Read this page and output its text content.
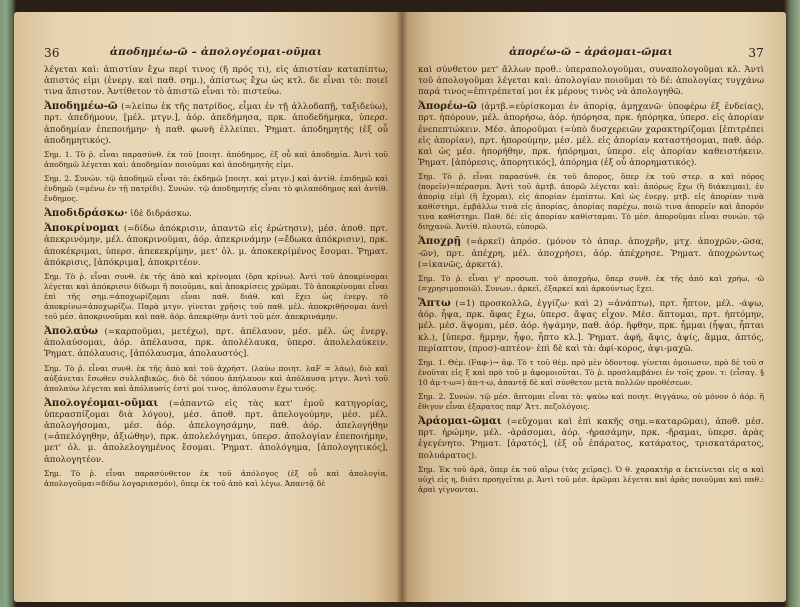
36	ἀποδημέω-ῶ – ἀπολογέομαι-οῦμαι

λέγεται καὶ: ἀπιστίαν ἔχω περί τινος (ἤ πρός τι), εἰς ἀπιστίαν καταπίπτω, ἀπιστός εἰμι (ἐνεργ. καὶ παθ. σημ.), ἀπίστως ἔχω ὡς κτλ. δε εἶναι τὸ: ποιεῖ τινα ἄπιστον. Ἀντίθετον τὸ ἀπιστῶ εἶναι τὸ: πιστεύω.

Ἀποδημέω-ῶ (=λείπω ἐκ τῆς πατρίδος, εἶμαι ἐν τῇ ἀλλοδαπῇ, ταξιδεύω), πρτ. ἀπεδήμουν, [μέλ. μτγν.], ἀόρ. ἀπεδήμησα, πρκ. ἀποδεδήμηκα, ὑπερσ. ἀποδημίαν ἐπεποιήμην· ἡ παθ. φωνὴ ἐλλείπει. Ῥηματ. ἀποδημητής (ἐξ οὗ ἀποδημητικός).

Σημ. 1. Τὸ ῥ. εἶναι παρασύνθ. ἐκ τοῦ [ποιητ. ἀπόδημος, ἐξ οὗ καὶ ἀποδημία. Ἀντὶ τοῦ ἀποδημῶ λέγεται καὶ: ἀποδημίαν ποιοῦμαι καὶ ἀποδημητῆς εἰμι.

Σημ. 2. Συνών. τῷ ἀποδημῶ εἶναι τὸ: ἐκδημῶ [ποιητ. καὶ μτγν.] καὶ ἀντίθ. ἐπιδημῶ καὶ ἐνδημῶ (=μένω ἐν τῇ πατρίδι). Συνών. τῷ ἀποδημητής εἶναι τὸ φιλαπόδημος καὶ ἀντίθ. ἔνδημος.

Ἀποδιδράσκω· ἰδὲ διδράσκω.

Ἀποκρίνομαι (=δίδω ἀπόκρισιν, ἀπαντῶ εἰς ἐρώτησιν), μέσ. ἀποθ. πρτ. ἀπεκρινόμην, μέλ. ἀποκρινοῦμαι, ἀόρ. ἀπεκρινάμην (=ἔδωκα ἀπόκρισιν), πρκ. ἀποκέκριμαι, ὑπερσ. ἀπεκεκρίμην, μετ' ὀλ. μ. ἀποκεκρίμένος ἔσομαι. Ῥηματ. ἀπόκρισις, [ἀπόκριμα], ἀποκριτέον.

Σημ. Τὸ ῥ. εἶναι συνθ. ἐκ τῆς ἀπὸ καὶ κρίνομαι (ὅρα κρίνω). Ἀντὶ τοῦ ἀποκρίνομαι λέγεται καὶ ἀπόκρισιν δίδωμι ἢ ποιοῦμαι, καὶ ἀποκρίσεις χρῶμαι. Τὸ ἀποκρίνομαι εἶναι ἐπὶ τῆς σημ.=ἀποχωρίζομαι εἶναι παθ. διάθ. καὶ ἔχει ὡς ἐνεργ. τὸ ἀποκρίνω=ἀποχωρίζω. Παρὰ μτγν. γίνεται χρῆσις τοῦ παθ. μέλ. ἀποκριθήσομαι ἀντὶ τοῦ μέσ. ἀποκρινοῦμαι καὶ παθ. ἀόρ. ἀπεκρίθην ἀντὶ τοῦ μέσ. ἀπεκρινάμην.

Ἀπολαύω (=καρποῦμαι, μετέχω), πρτ. ἀπέλαυον, μέσ. μέλ. ὡς ἐνεργ. ἀπολαύσομαι, ἀόρ. ἀπέλαυσα, πρκ. ἀπολέλαυκα, ὑπερσ. ἀπολελαύκειν. Ῥηματ. ἀπόλαυσις, [ἀπόλαυσμα, ἀπολαυστός].

Σημ. Τὸ ῥ. εἶναι συνθ. ἐκ τῆς ἀπὸ καὶ τοῦ ἀχρήστ. (λαύω ποιητ. λαF = λάω), διὸ καὶ αὐξάνεται ἔσωθεν συλλαβικῶς, διὸ δὲ τόπου ἀπήλαυον καὶ ἀπόλαυσα μτγν. Ἀντὶ τοῦ ἀπολαύω λέγεται καὶ ἀπόλαυσίς ἐστί μοί τινος, ἀπόλαυσιν ἔχω τινός.

Ἀπολογέομαι-οῦμαι (=ἀπαντῶ εἰς τὰς κατ' ἐμοῦ κατηγορίας, ὑπερασπίζομαι διὰ λόγου), μέσ. ἀποθ. πρτ. ἀπελογούμην, μέσ. μέλ. ἀπολογήσομαι, μέσ. ἀόρ. ἀπελογησάμην, παθ. ἀόρ. ἀπελογήθην (=ἀπελόγηθην, ἀξιώθην), πρκ. ἀπολελόγημαι, ὑπερσ. ἀπολογίαν ἐπεποιήμην, μετ' ὀλ. μ. ἀπολελογημένος ἔσομαι. Ῥηματ. ἀπολόγημα, [ἀπολογητικός], ἀπολογητέον.

Σημ. Τὸ ῥ. εἶναι παρασύνθετον ἐκ τοῦ ἀπόλογος (ἐξ οὗ καὶ ἀπολογία, ἀπολογοῦμαι=δίδω λογαριασμόν), ὅπερ ἐκ τοῦ ἀπὸ καὶ λέγω. Ἀπαντᾷ δὲ

37
ἀπορέω-ῶ – ἀράομαι-ῶμαι

καὶ σύνθετον μετ' ἄλλων προθ.: ὑπεραπολογοῦμαι, συναπολογοῦμαι κλ. Ἀντὶ τοῦ ἀπολογοῦμαι λέγεται καὶ: ἀπολογίαν ποιοῦμαι τὸ δέ: ἀπολογίας τυγχάνω παρά τινος=ἐπιτρέπεταί μοι ἐκ μέρους τινὸς νὰ ἀπολογηθῶ.

Ἀπορέω-ῶ (ἀμτβ.=εὑρίσκομαι ἐν ἀπορίᾳ, ἀμηχανῶ· ὑποφέρω ἐξ ἐνδείας), πρτ. ἠπόρουν, μέλ. ἀπορήσω, ἀόρ. ἠπόρησα, πρκ. ἠπόρηκα, ὑπερσ. εἰς ἀπορίαν ἐνεπεπτώκειν. Μέσ. ἀποροῦμαι (=ὑπὸ δυσχερειῶν χαρακτηρίζομαι [ἐπιτρέπει εἰς ἀπορίαν), πρτ. ἠπορούμην, μέσ. μέλ. εἰς ἀπορίαν καταστήσομαι, παθ. ἀόρ. καὶ ὡς μέσ. ἠπορήθην, πρκ. ἠπόρημαι, ὑπερσ. εἰς ἀπορίαν καθειστήκειν. Ῥηματ. [ἀπόρεσις, ἀπορητικός], ἀπόρημα (ἐξ οὗ ἀπορηματικός).

Σημ. Τὸ ῥ. εἶναι παρασύνθ. ἐκ τοῦ ἄπορος, ὅπερ ἐκ τοῦ στερ. α καὶ πόρος (πορεῖν)=πέρασμα. Ἀντὶ τοῦ ἀμτβ. ἀπορῶ λέγεται καὶ: ἀπόρως ἔχω (ἢ διάκειμαι), ἐν ἀπορίᾳ εἰμὶ (ἢ ἔχομαι), εἰς ἀπορίαν ἐμπίπτω. Καὶ ὡς ἐνεργ. μτβ. εἰς ἀπορίαν τινὰ καθίστημι, ἐμβάλλω τινὰ εἰς ἀπορίας, ἀπορίας παρέχω, ποιῶ τινα ἀπορεῖν καὶ ἄπορόν τινα καθίστημι. Παθ. δέ: εἰς ἀπορίαν καθίσταμαι. Τὸ μέσ. ἀποροῦμαι εἶναι συνών. τῷ διηχανῶ. Ἀντίθ. πλουτῶ, εὐπορῶ.

Ἀποχρῇ (=ἀρκεῖ) ἀπρόσ. (μόνον τὸ ἀπαρ. ἀποχρῆν, μτχ. ἀποχρῶν,-ῶσα, -ῶν), πρτ. ἀπέχρη, μέλ. ἀποχρήσει, ἀόρ. ἀπέχρησε. Ῥηματ. ἀποχρώντως (=ἱκανῶς, ἀρκετά).

Σημ. Τὸ ῥ. εἶναι γ' προσωπ. τοῦ ἀποχρῆω, ὅπερ συνθ. ἐκ τῆς ἀπὸ καὶ χρήω, -ῶ (=χρησιμοποιῶ). Συνων.: ἀρκεῖ, ἐξαρκεῖ καὶ ἀρκούντως ἔχει.

Ἅπτω (=1) προσκολλῶ, ἐγγίζω· καὶ 2) =ἀνάπτω), πρτ. ἧπτον, μέλ. -άψω, ἀόρ. ἧψα, πρκ. ἄφας ἔχω, ὑπερσ. ἄψας εἶχον. Μέσ. ἅπτομαι, πρτ. ἡπτόμην, μέλ. μέσ. ἅψομαι, μέσ. ἀόρ. ἡψάμην, παθ. ἀόρ. ἥφθην, πρκ. ἧμμαι (ἧψαι, ἧπται κλ.), [ὑπερσ. ἥμμην, ἧψο, ἧπτο κλ.]. Ῥηματ. ἁφή, ἅψις, ἁψίς, ἅμμα, ἁπτός, περίαπτον, (προσ)-απτέον· ἐπὶ δὲ καὶ τὰ: ἀφί-κορος, ἀψι-μαχῶ.

Σημ. 1. Θέμ. (Fαφ-)→ ἀφ. Τὸ τ τοῦ θέμ. πρὸ μὲν ὀδοντοφ. γίνεται ὁμοιωσιν, πρὸ δὲ τοῦ σ ἑνοῦται εἰς ξ καὶ πρὸ τοῦ μ ἀφομοιοῦται. Τὸ ῥ. προσλαμβάνει ἐν τοῖς χρον. τ: (εἶσαγ. § 10 ἀμ-τ-ω=) ἀπ-τ-ω, ἀπαντᾷ δὲ καὶ σύνθετον μετὰ πολλῶν προθέσεων.

Σημ. 2. Συνών. τῷ μέσ. ἅπτομαι εἶναι τὸ: ψαύω καὶ ποιητ. θιγγάνω, οὐ μόνον ὁ ἀόρ. ἥ ἔθιγον εἶναι ἐξαρατος παρ' Ἀττ. πεζολόγοις.

Ἀράομαι-ῶμαι (=εὔχομαι καὶ ἐπὶ κακῆς σημ.=καταρῶμαι), ἀποθ. μέσ. πρτ. ἠρώμην, μέλ. -ἀράσομαι, ἀόρ. -ἠρασάμην, πρκ. -ἤραμαι, ὑπερσ. ἀρὰς ἐγεγένητο. Ῥηματ. [ἀρατός], (ἐξ οὗ ἐπάρατος, κατάρατος, τρισκατάρατος, πολυάρατος).

Σημ. Ἐκ τοῦ ἀρά, ὅπερ ἐκ τοῦ αἴρω (τὰς χεῖρας). Ὁ θ. χαρακτὴρ α ἐκτείνεται εἰς α καὶ οὐχὶ εἰς η, διότι προηγεῖται ρ. Ἀντὶ τοῦ μέσ. ἀρῶμαι λέγεται καὶ ἀρὰς ποιοῦμαι καὶ παθ.: ἀραὶ γίγνονται.
